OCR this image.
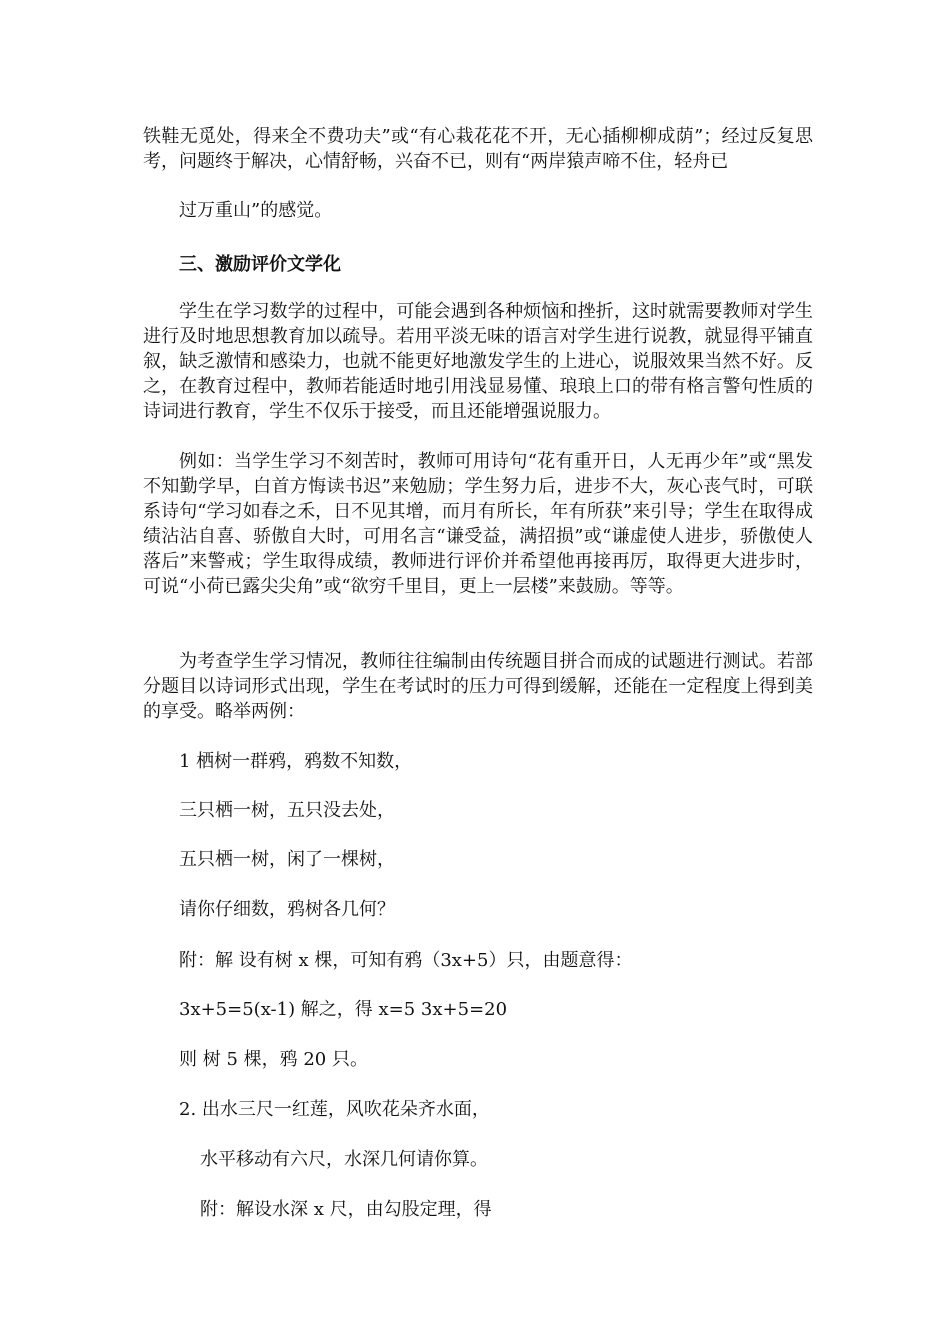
铁鞋无觅处，得来全不费功夫”或“有心栽花花不开，无心插柳柳成荫”；经过反复思考，问题终于解决，心情舒畅，兴奋不已，则有“两岸猿声啼不住，轻舟已

过万重山”的感觉。

三、激励评价文学化

学生在学习数学的过程中，可能会遇到各种烦恼和挫折，这时就需要教师对学生进行及时地思想教育加以疏导。若用平淡无味的语言对学生进行说教，就显得平铺直叙，缺乏激情和感染力，也就不能更好地激发学生的上进心，说服效果当然不好。反之，在教育过程中，教师若能适时地引用浅显易懂、琅琅上口的带有格言警句性质的诗词进行教育，学生不仅乐于接受，而且还能增强说服力。

例如：当学生学习不刻苦时，教师可用诗句“花有重开日，人无再少年”或“黑发不知勤学早，白首方悔读书迟”来勉励；学生努力后，进步不大，灰心丧气时，可联系诗句“学习如春之禾，日不见其增，而月有所长，年有所获”来引导；学生在取得成绩沾沾自喜、骄傲自大时，可用名言“谦受益，满招损”或“谦虚使人进步，骄傲使人落后”来警戒；学生取得成绩，教师进行评价并希望他再接再厉，取得更大进步时，可说“小荷已露尖尖角”或“欲穷千里目，更上一层楼”来鼓励。等等。

为考查学生学习情况，教师往往编制由传统题目拼合而成的试题进行测试。若部分题目以诗词形式出现，学生在考试时的压力可得到缓解，还能在一定程度上得到美的享受。略举两例：

1 栖树一群鸦，鸦数不知数，

三只栖一树，五只没去处，

五只栖一树，闲了一棵树，

请你仔细数，鸦树各几何？

附：解 设有树 x 棵，可知有鸦（3x+5）只，由题意得：

3x+5=5(x-1) 解之，得 x=5 3x+5=20

则 树 5 棵，鸦 20 只。

2. 出水三尺一红莲，风吹花朵齐水面，

水平移动有六尺，水深几何请你算。

附：解设水深 x 尺，由勾股定理，得
